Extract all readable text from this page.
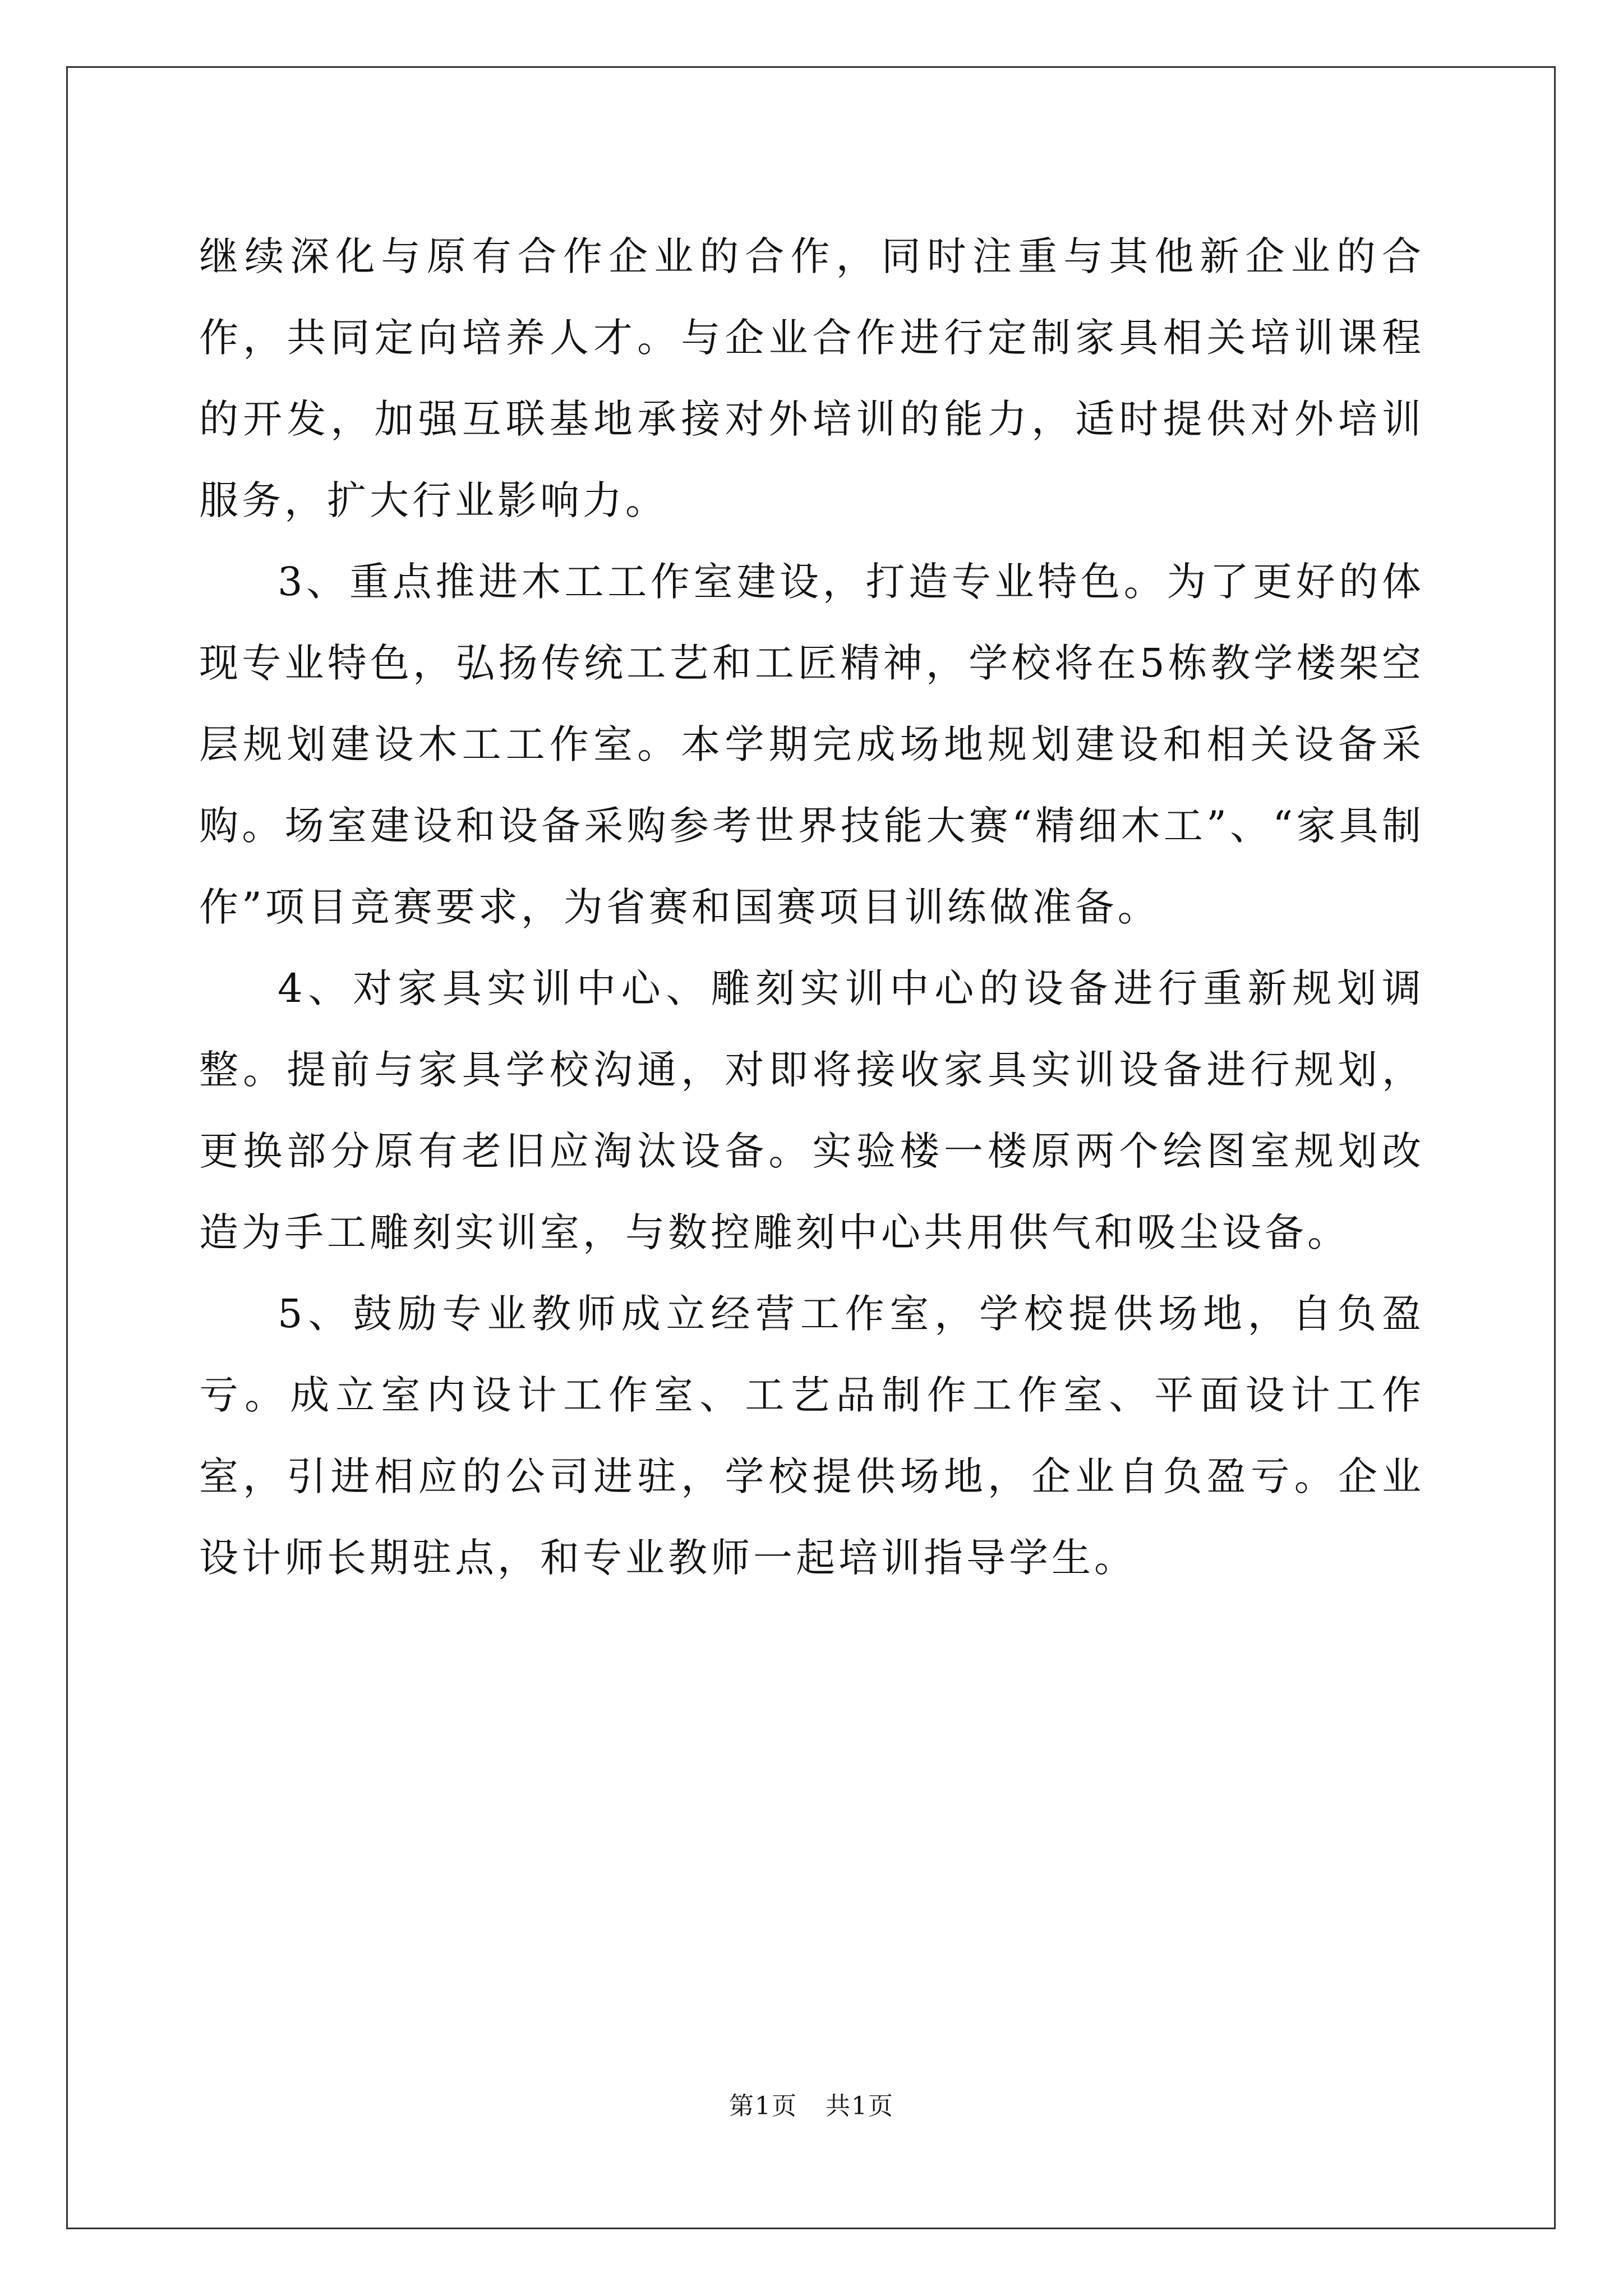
继续深化与原有合作企业的合作，同时注重与其他新企业的合作，共同定向培养人才。与企业合作进行定制家具相关培训课程的开发，加强互联基地承接对外培训的能力，适时提供对外培训服务，扩大行业影响力。

3、重点推进木工工作室建设，打造专业特色。为了更好的体现专业特色，弘扬传统工艺和工匠精神，学校将在5栋教学楼架空层规划建设木工工作室。本学期完成场地规划建设和相关设备采购。场室建设和设备采购参考世界技能大赛“精细木工”、“家具制作”项目竞赛要求，为省赛和国赛项目训练做准备。

4、对家具实训中心、雕刻实训中心的设备进行重新规划调整。提前与家具学校沟通，对即将接收家具实训设备进行规划，更换部分原有老旧应淘汰设备。实验楼一楼原两个绘图室规划改造为手工雕刻实训室，与数控雕刻中心共用供气和吸尘设备。

5、鼓励专业教师成立经营工作室，学校提供场地，自负盈亏。成立室内设计工作室、工艺品制作工作室、平面设计工作室，引进相应的公司进驻，学校提供场地，企业自负盈亏。企业设计师长期驻点，和专业教师一起培训指导学生。

第1页 共1页
